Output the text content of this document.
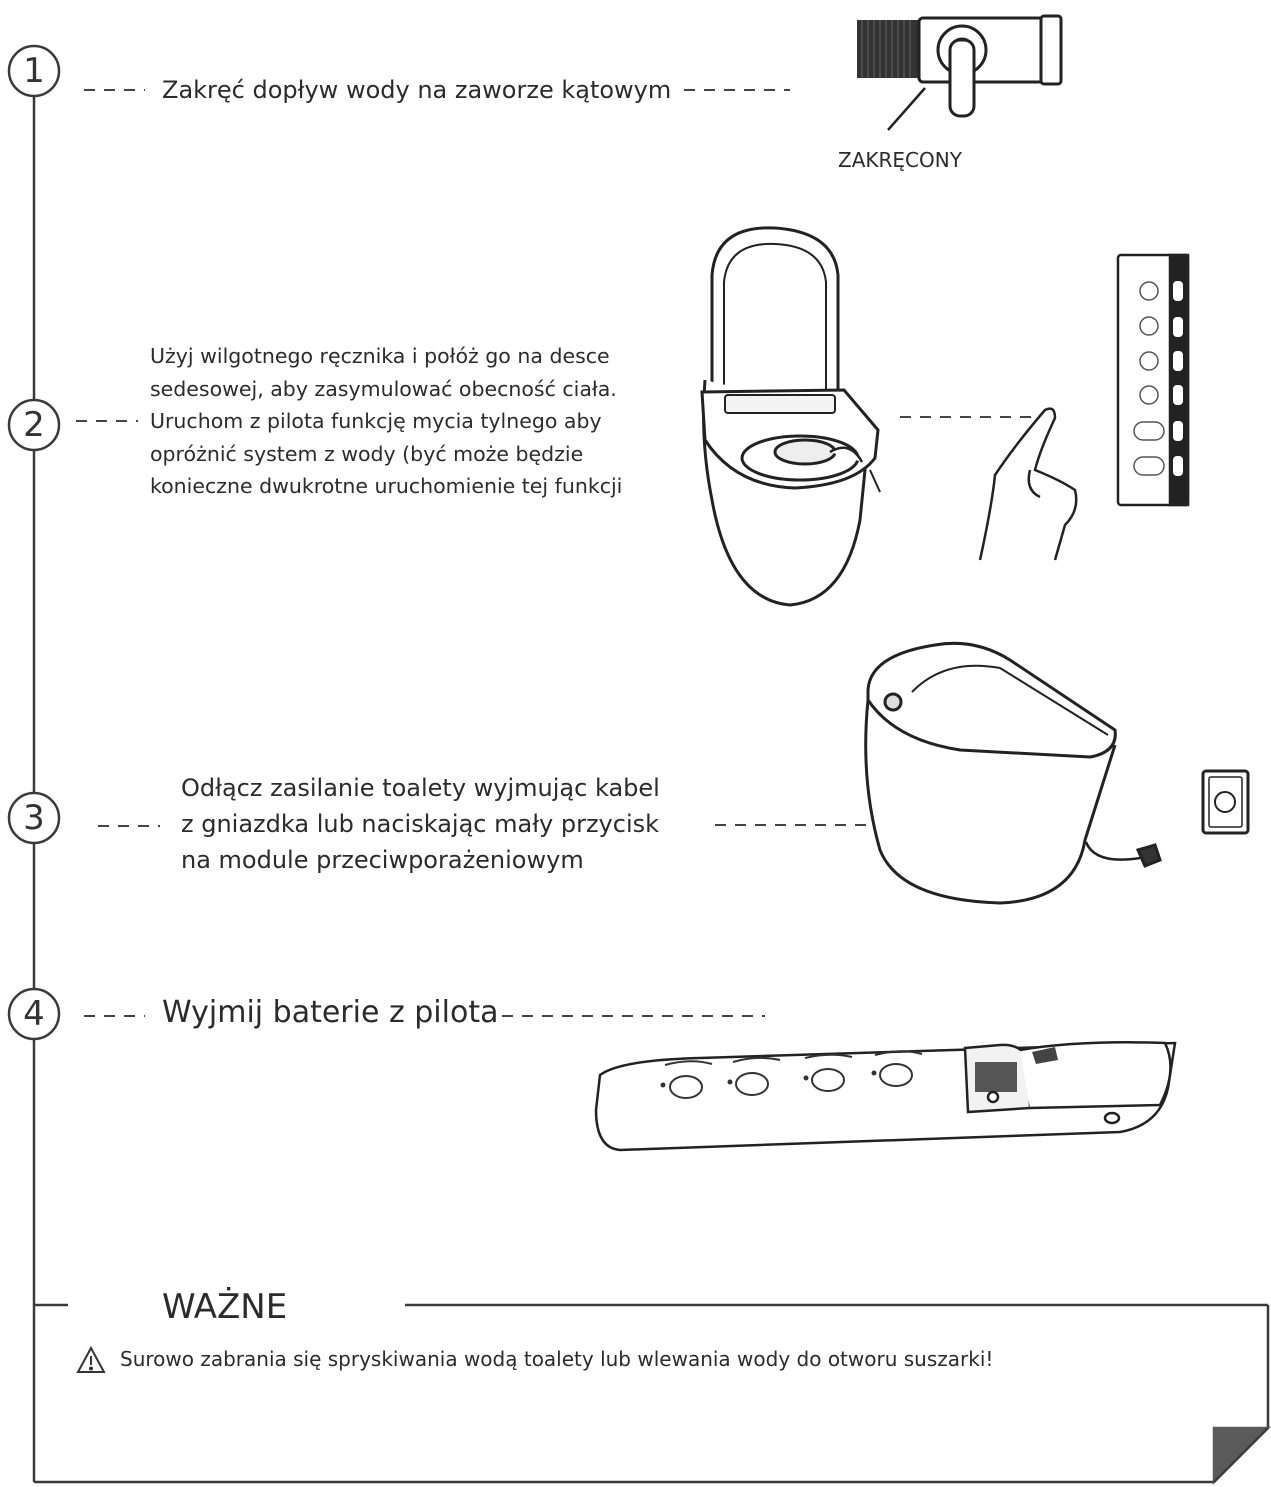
1
2
3
4
Zakręć dopływ wody na zaworze kątowym
ZAKRĘCONY
Użyj wilgotnego ręcznika i połóż go na desce
sedesowej, aby zasymulować obecność ciała.
Uruchom z pilota funkcję mycia tylnego aby
opróżnić system z wody (być może będzie
konieczne dwukrotne uruchomienie tej funkcji
Odłącz zasilanie toalety wyjmując kabel
z gniazdka lub naciskając mały przycisk
na module przeciwporażeniowym
Wyjmij baterie z pilota
WAŻNE
Surowo zabrania się spryskiwania wodą toalety lub wlewania wody do otworu suszarki!
